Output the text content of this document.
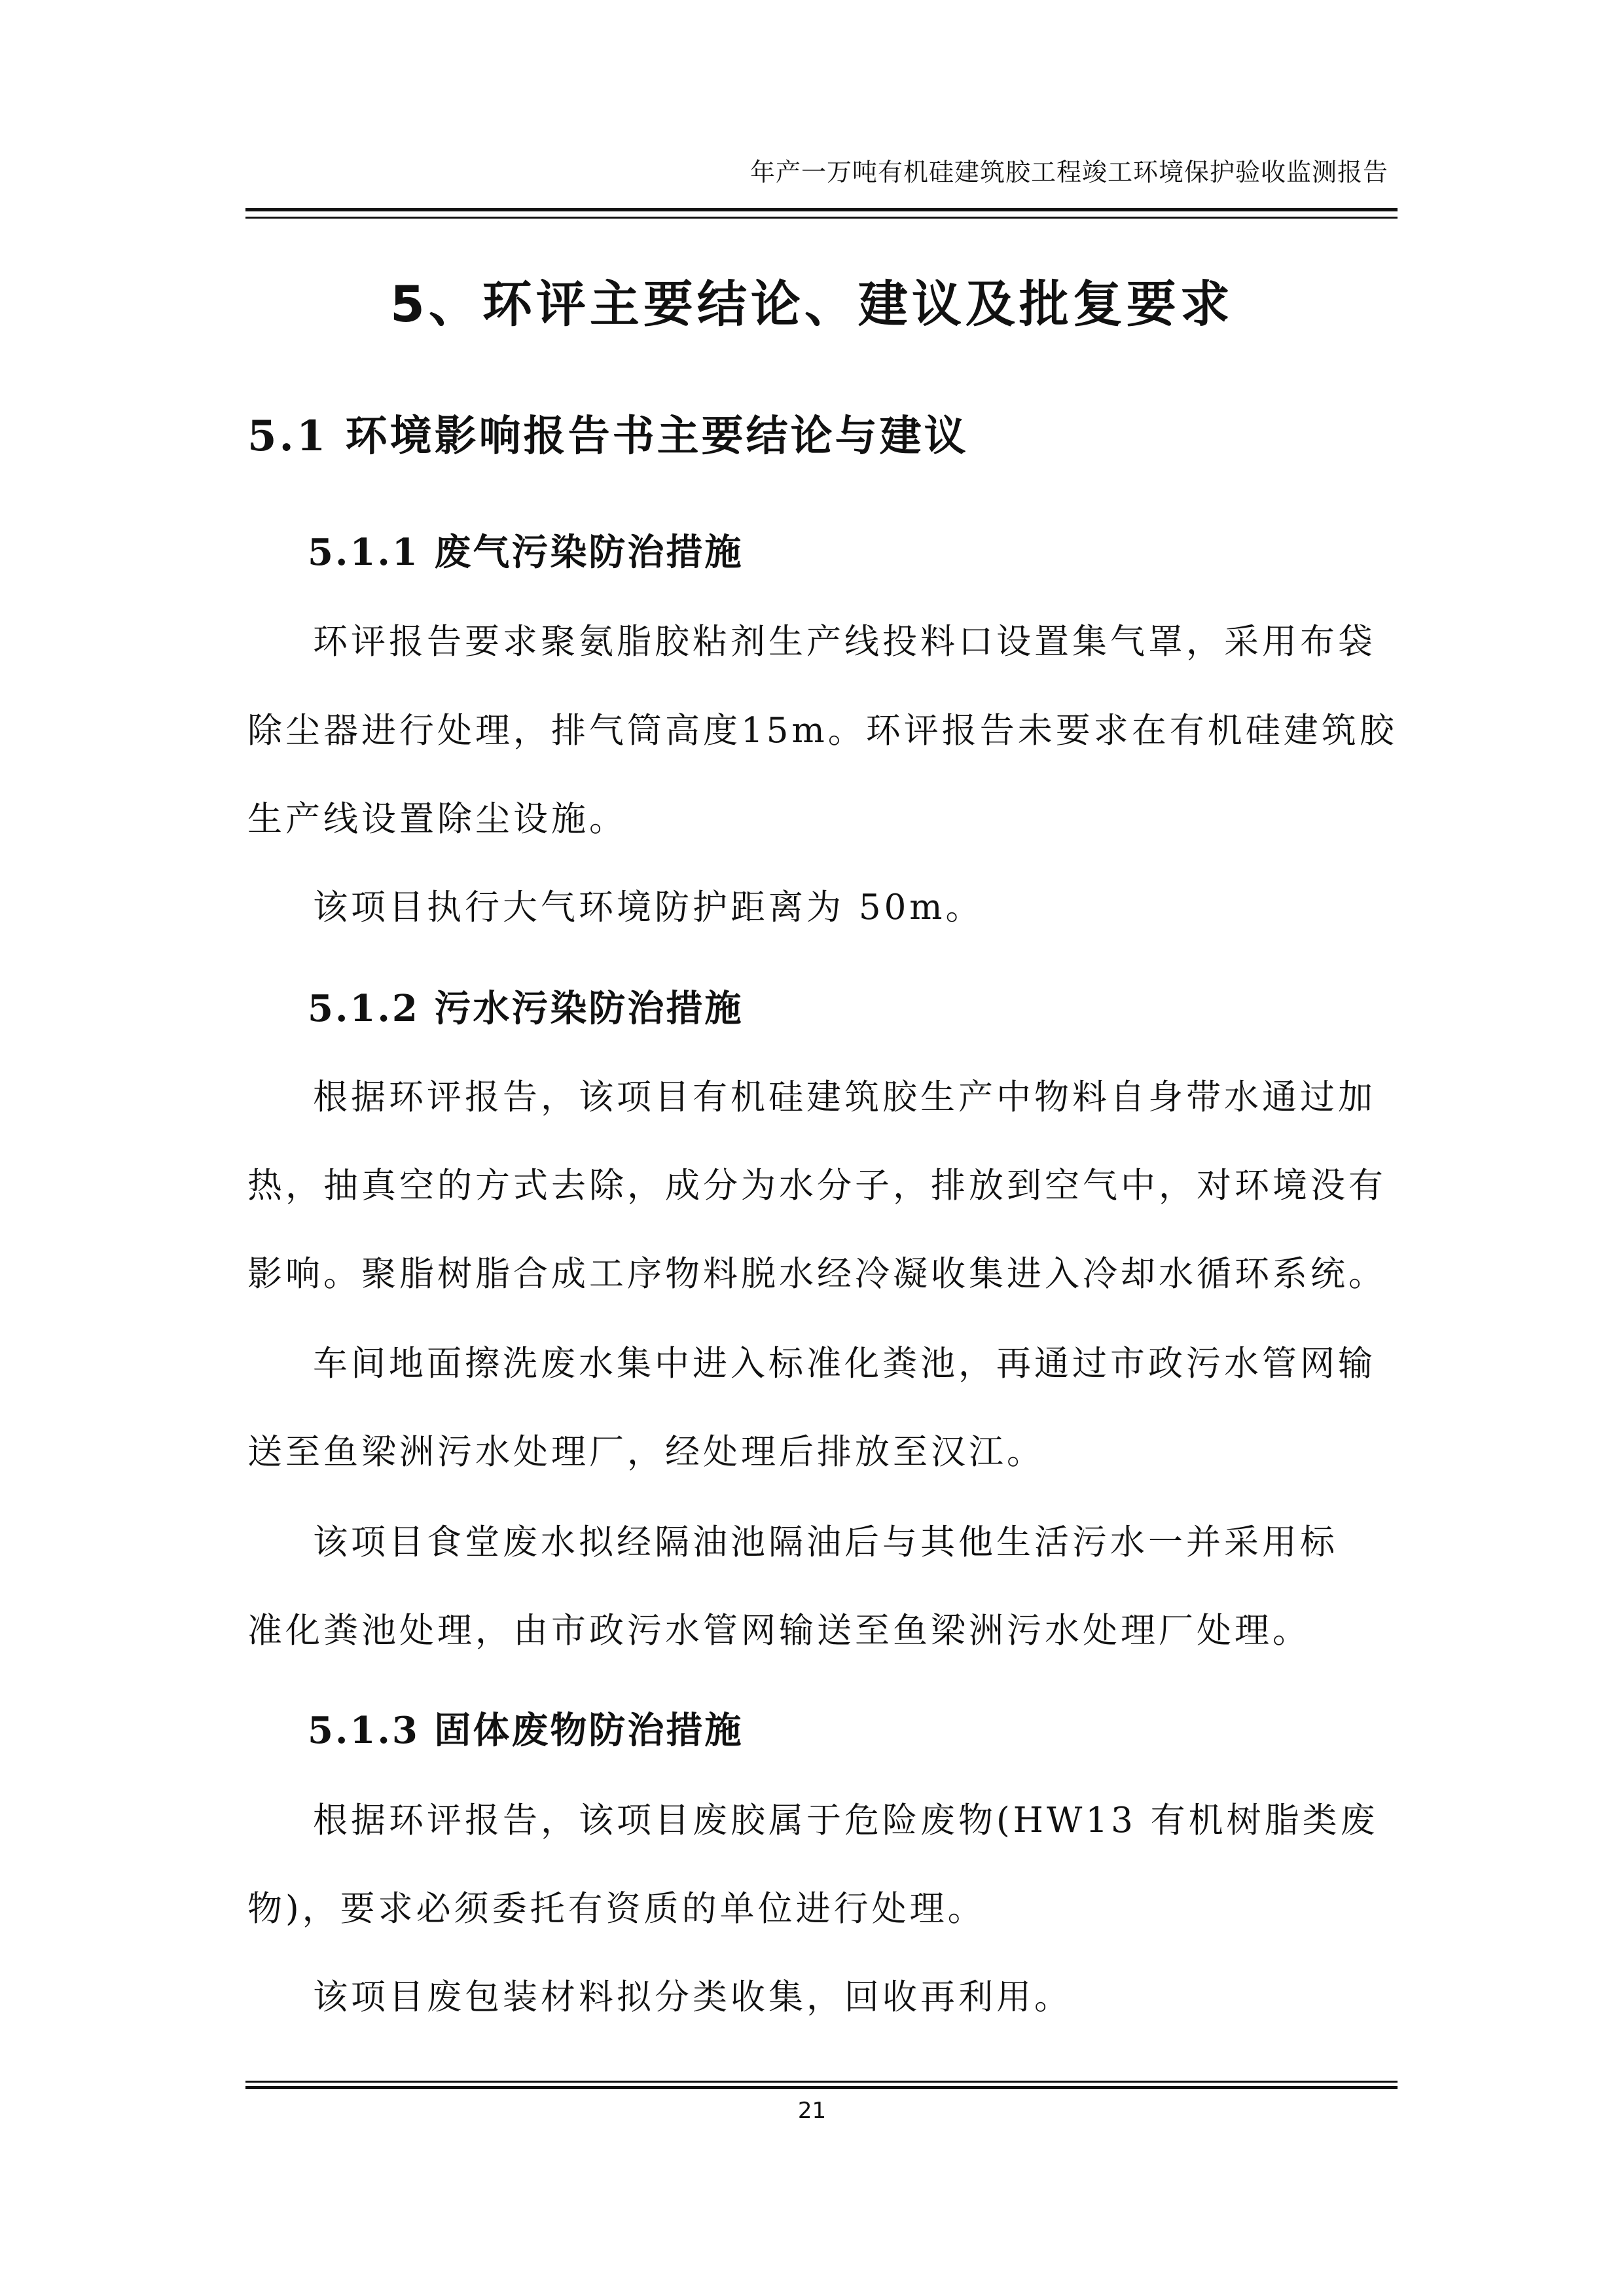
年产一万吨有机硅建筑胶工程竣工环境保护验收监测报告
5、环评主要结论、建议及批复要求
5.1 环境影响报告书主要结论与建议
5.1.1 废气污染防治措施
环评报告要求聚氨脂胶粘剂生产线投料口设置集气罩，采用布袋
除尘器进行处理，排气筒高度15m。环评报告未要求在有机硅建筑胶
生产线设置除尘设施。
该项目执行大气环境防护距离为 50m。
5.1.2 污水污染防治措施
根据环评报告，该项目有机硅建筑胶生产中物料自身带水通过加
热，抽真空的方式去除，成分为水分子，排放到空气中，对环境没有
影响。聚脂树脂合成工序物料脱水经冷凝收集进入冷却水循环系统。
车间地面擦洗废水集中进入标准化粪池，再通过市政污水管网输
送至鱼梁洲污水处理厂，经处理后排放至汉江。
该项目食堂废水拟经隔油池隔油后与其他生活污水一并采用标
准化粪池处理，由市政污水管网输送至鱼梁洲污水处理厂处理。
5.1.3 固体废物防治措施
根据环评报告，该项目废胶属于危险废物(HW13 有机树脂类废
物)，要求必须委托有资质的单位进行处理。
该项目废包装材料拟分类收集，回收再利用。
21
